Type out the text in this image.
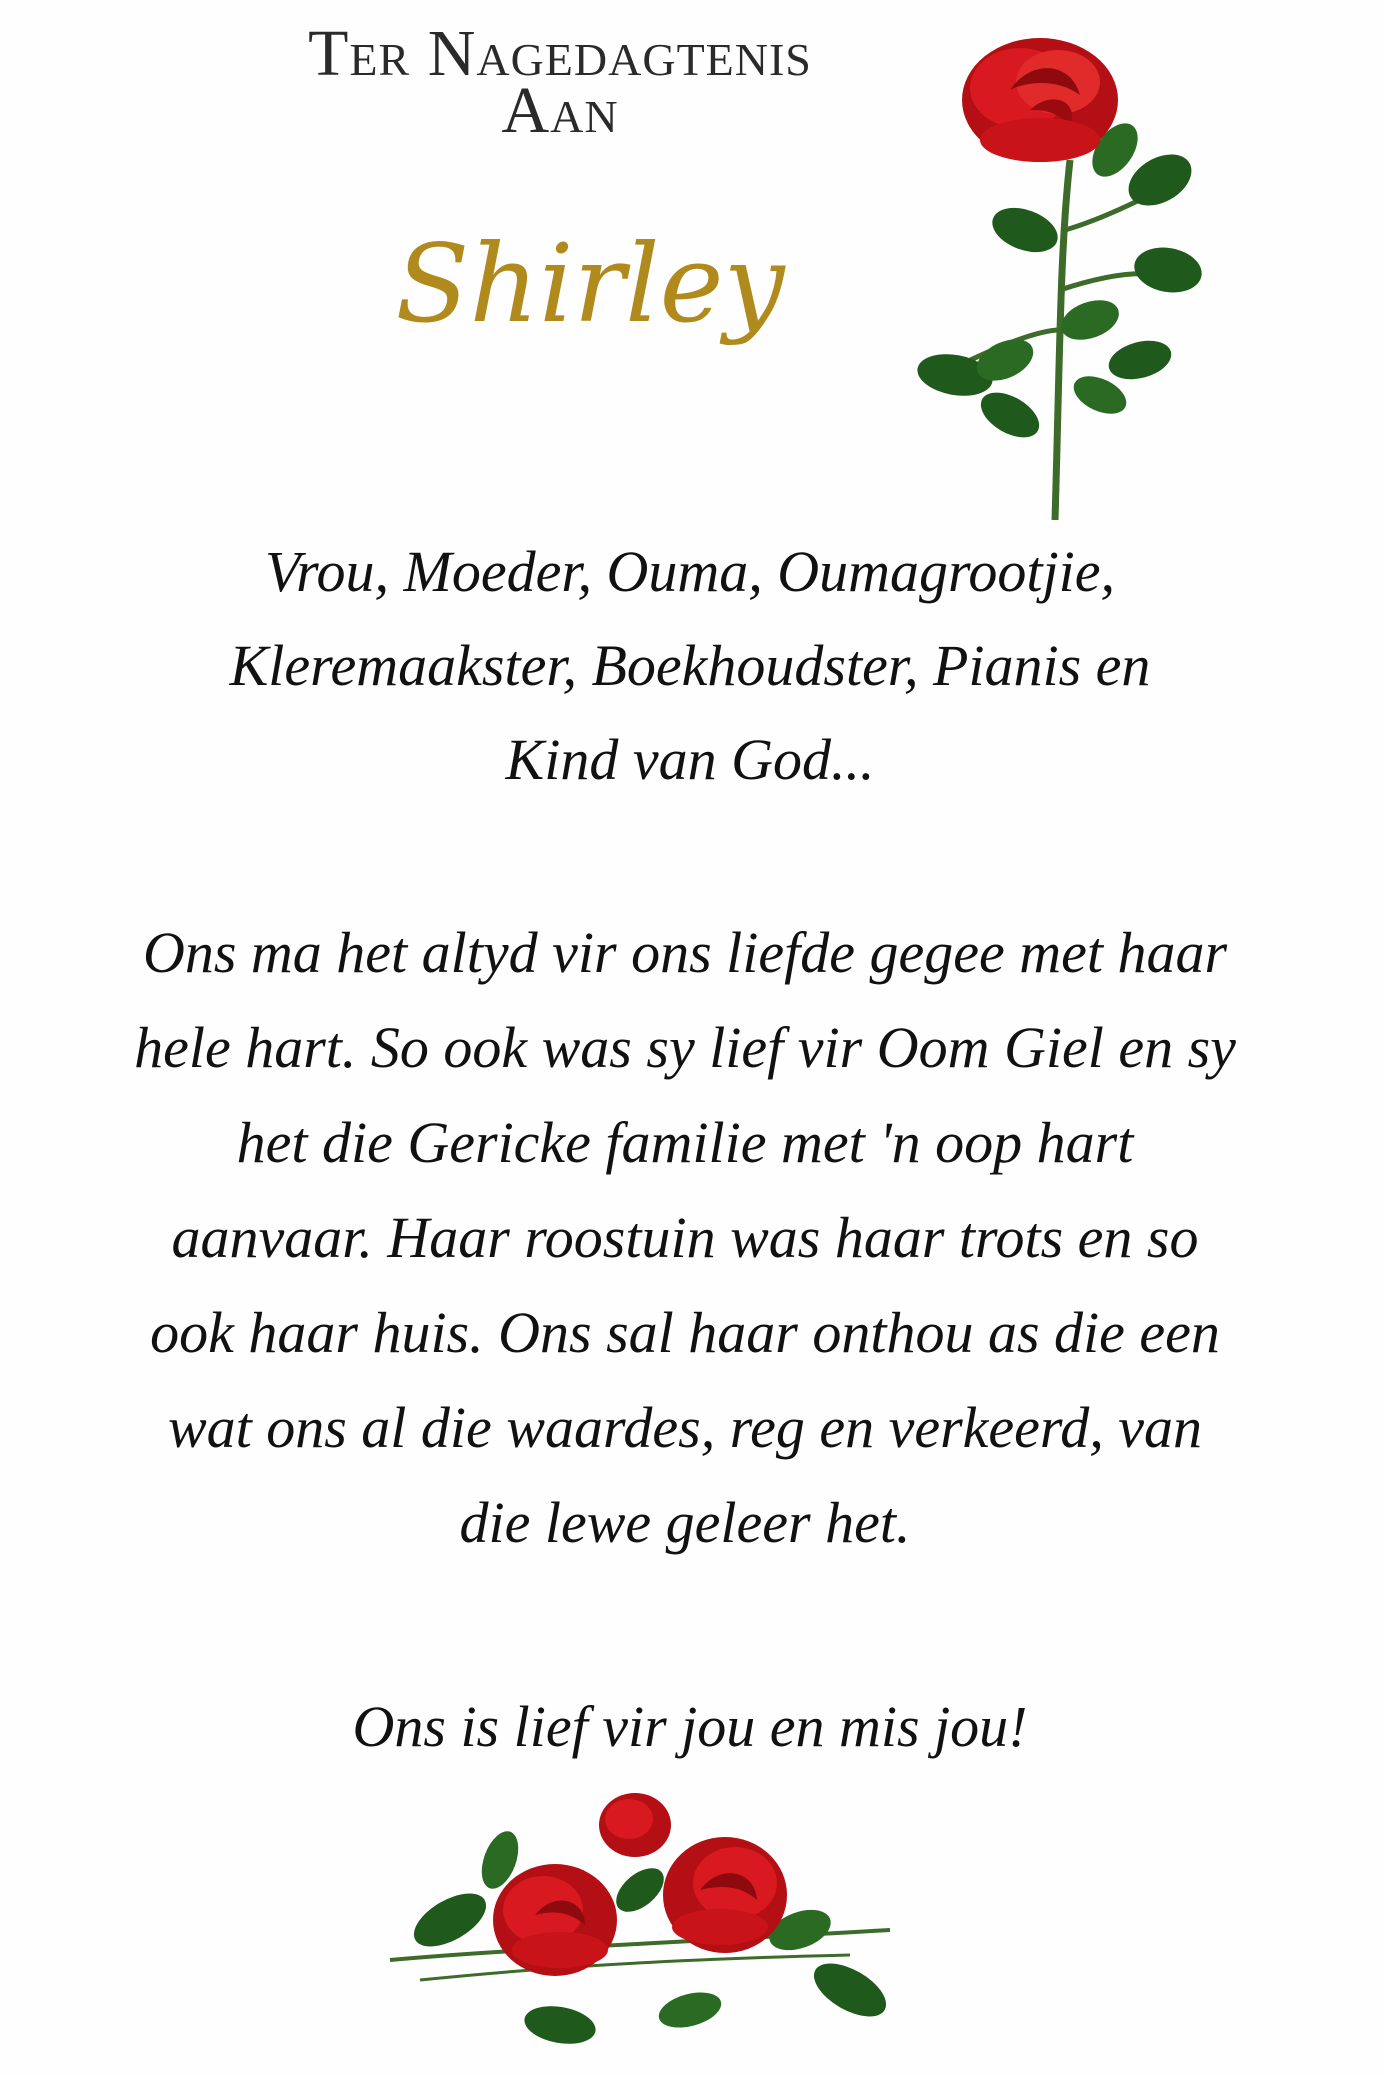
Ter Nagedagtenis
Aan
Shirley
Vrou, Moeder, Ouma, Oumagrootjie,
Kleremaakster, Boekhoudster, Pianis en
Kind van God...
Ons ma het altyd vir ons liefde gegee met haar
hele hart. So ook was sy lief vir Oom Giel en sy
het die Gericke familie met 'n oop hart
aanvaar. Haar roostuin was haar trots en so
ook haar huis. Ons sal haar onthou as die een
wat ons al die waardes, reg en verkeerd, van
die lewe geleer het.
Ons is lief vir jou en mis jou!
